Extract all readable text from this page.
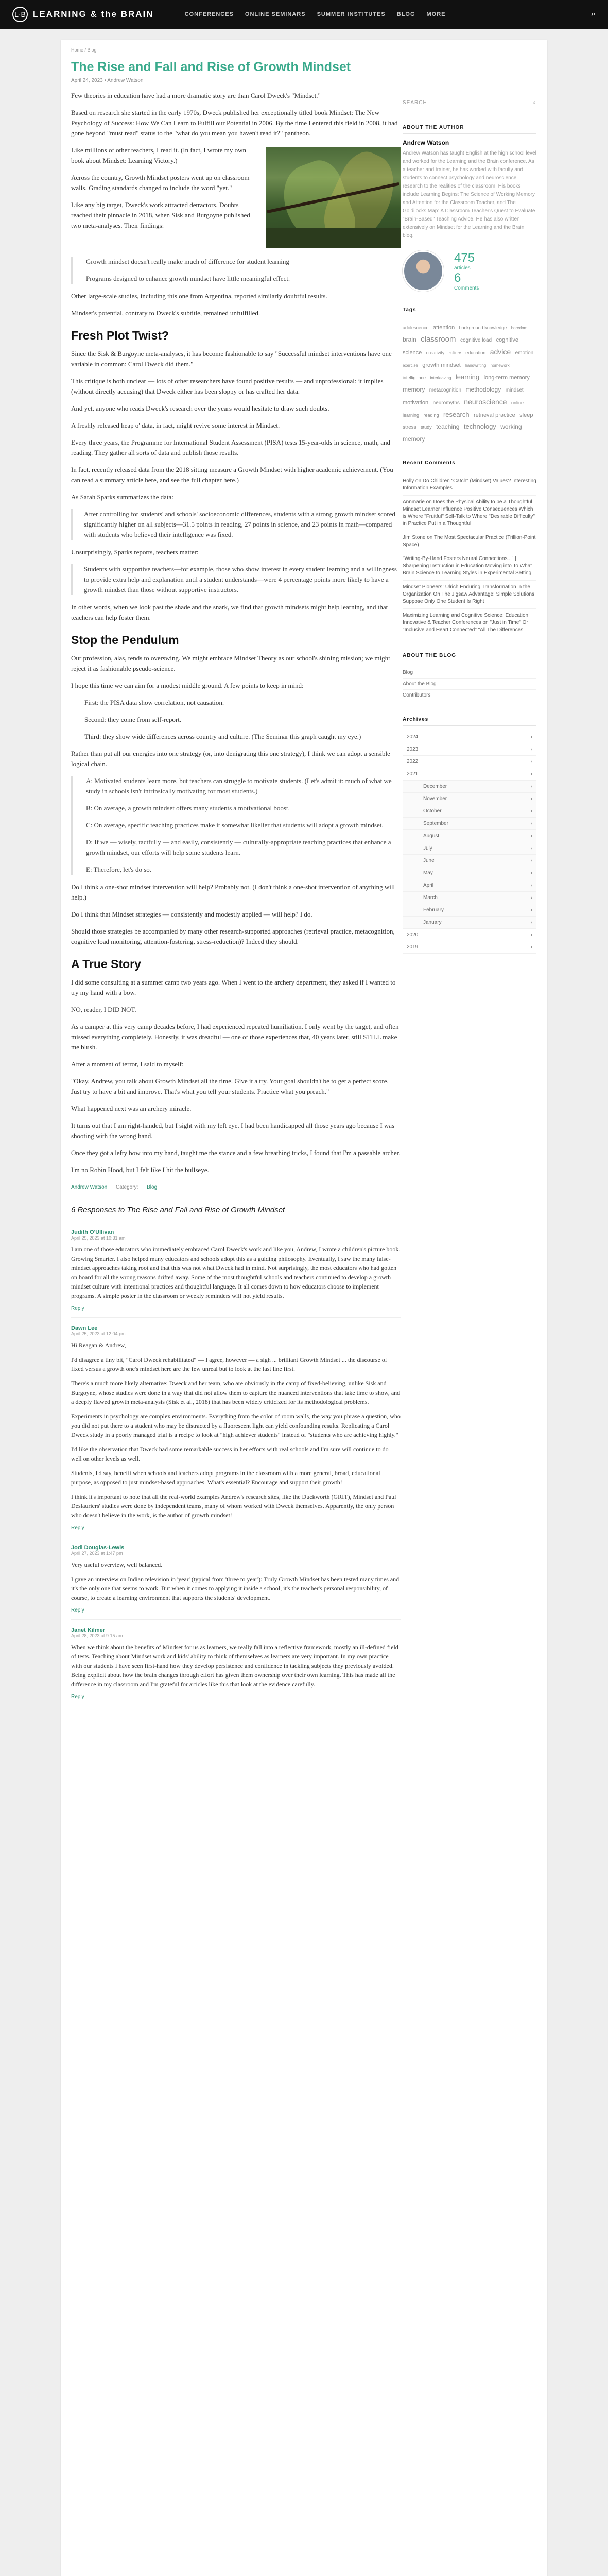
L·B LEARNING & the BRAIN	CONFERENCES ONLINE SEMINARS SUMMER INSTITUTES BLOG MORE	⌕
Home / Blog
The Rise and Fall and Rise of Growth Mindset
April 24, 2023 • Andrew Watson

Few theories in education have had a more dramatic story arc than Carol Dweck's "Mindset."

Based on research she started in the early 1970s, Dweck published her exceptionally titled book Mindset: The New Psychology of Success: How We Can Learn to Fulfill our Potential in 2006. By the time I entered this field in 2008, it had gone beyond "must read" status to the "what do you mean you haven't read it?" pantheon.

Like millions of other teachers, I read it. (In fact, I wrote my own book about Mindset: Learning Victory.)

Across the country, Growth Mindset posters went up on classroom walls. Grading standards changed to include the word "yet."

Like any big target, Dweck's work attracted detractors. Doubts reached their pinnacle in 2018, when Sisk and Burgoyne published two meta-analyses. Their findings:

Growth mindset doesn't really make much of difference for student learning

Programs designed to enhance growth mindset have little meaningful effect.

Other large-scale studies, including this one from Argentina, reported similarly doubtful results.

Mindset's potential, contrary to Dweck's subtitle, remained unfulfilled.

Fresh Plot Twist?

Since the Sisk & Burgoyne meta-analyses, it has become fashionable to say "Successful mindset interventions have one variable in common: Carol Dweck did them."

This critique is both unclear — lots of other researchers have found positive results — and unprofessional: it implies (without directly accusing) that Dweck either has been sloppy or has crafted her data.

And yet, anyone who reads Dweck's research over the years would hesitate to draw such doubts.

A freshly released heap o' data, in fact, might revive some interest in Mindset.

Every three years, the Programme for International Student Assessment (PISA) tests 15-year-olds in science, math, and reading. They gather all sorts of data and publish those results.

In fact, recently released data from the 2018 sitting measure a Growth Mindset with higher academic achievement. (You can read a summary article here, and see the full chapter here.)

As Sarah Sparks summarizes the data:

After controlling for students' and schools' socioeconomic differences, students with a strong growth mindset scored significantly higher on all subjects—31.5 points in reading, 27 points in science, and 23 points in math—compared with students who believed their intelligence was fixed.

Unsurprisingly, Sparks reports, teachers matter:

Students with supportive teachers—for example, those who show interest in every student learning and a willingness to provide extra help and explanation until a student understands—were 4 percentage points more likely to have a growth mindset than those without supportive instructors.

In other words, when we look past the shade and the snark, we find that growth mindsets might help learning, and that teachers can help foster them.

Stop the Pendulum

Our profession, alas, tends to overswing. We might embrace Mindset Theory as our school's shining mission; we might reject it as fashionable pseudo-science.

I hope this time we can aim for a modest middle ground. A few points to keep in mind:

First: the PISA data show correlation, not causation.

Second: they come from self-report.

Third: they show wide differences across country and culture. (The Seminar this graph caught my eye.)

Rather than put all our energies into one strategy (or, into denigrating this one strategy), I think we can adopt a sensible logical chain.

A: Motivated students learn more, but teachers can struggle to motivate students. (Let's admit it: much of what we study in schools isn't intrinsically motivating for most students.)

B: On average, a growth mindset offers many students a motivational boost.

C: On average, specific teaching practices make it somewhat likelier that students will adopt a growth mindset.

D: If we — wisely, tactfully — and easily, consistently — culturally-appropriate teaching practices that enhance a growth mindset, our efforts will help some students learn.

E: Therefore, let's do so.

Do I think a one-shot mindset intervention will help? Probably not. (I don't think a one-shot intervention of anything will help.)

Do I think that Mindset strategies — consistently and modestly applied — will help? I do.

Should those strategies be accompanied by many other research-supported approaches (retrieval practice, metacognition, cognitive load monitoring, attention-fostering, stress-reduction)? Indeed they should.

A True Story

I did some consulting at a summer camp two years ago. When I went to the archery department, they asked if I wanted to try my hand with a bow.

NO, reader, I DID NOT.

As a camper at this very camp decades before, I had experienced repeated humiliation. I only went by the target, and often missed everything completely. Honestly, it was dreadful — one of those experiences that, 40 years later, still STILL make me blush.

After a moment of terror, I said to myself:

"Okay, Andrew, you talk about Growth Mindset all the time. Give it a try. Your goal shouldn't be to get a perfect score. Just try to have a bit and improve. That's what you tell your students. Practice what you preach."

What happened next was an archery miracle.

It turns out that I am right-handed, but I sight with my left eye. I had been handicapped all those years ago because I was shooting with the wrong hand.

Once they got a lefty bow into my hand, taught me the stance and a few breathing tricks, I found that I'm a passable archer.

I'm no Robin Hood, but I felt like I hit the bullseye.

Andrew Watson Category: Blog
6 Responses to The Rise and Fall and Rise of Growth Mindset
Judith O'Ullivan
April 25, 2023 at 10:31 am

I am one of those educators who immediately embraced Carol Dweck's work and like you, Andrew, I wrote a children's picture book. Growing Smarter. I also helped many educators and schools adopt this as a guiding philosophy. Eventually, I saw the many false-mindset approaches taking root and that this was not what Dweck had in mind. Not surprisingly, the most educators who had gotten on board for all the wrong reasons drifted away. Some of the most thoughtful schools and teachers continued to develop a growth mindset culture with intentional practices and thoughtful language. It all comes down to how educators choose to implement programs. A simple poster in the classroom or weekly reminders will not yield results.

Reply
Dawn Lee
April 25, 2023 at 12:04 pm

Hi Reagan & Andrew,

I'd disagree a tiny bit, "Carol Dweck rehabilitated" — I agree, however — a sigh ... brilliant Growth Mindset ... the discourse of fixed versus a growth one's mindset here are the few unreal but to look at the last line first.

There's a much more likely alternative: Dweck and her team, who are obviously in the camp of fixed-believing, unlike Sisk and Burgoyne, whose studies were done in a way that did not allow them to capture the nuanced interventions that take time to show, and a deeply flawed growth meta-analysis (Sisk et al., 2018) that has been widely criticized for its methodological problems.

Experiments in psychology are complex environments. Everything from the color of room walls, the way you phrase a question, who you did not put there to a student who may be distracted by a fluorescent light can yield confounding results. Replicating a Carol Dweck study in a poorly managed trial is a recipe to look at "high achiever students" instead of "students who are achieving highly."

I'd like the observation that Dweck had some remarkable success in her efforts with real schools and I'm sure will continue to do well on other levels as well.

Students, I'd say, benefit when schools and teachers adopt programs in the classroom with a more general, broad, educational purpose, as opposed to just mindset-based approaches. What's essential? Encourage and support their growth!

I think it's important to note that all the real-world examples Andrew's research sites, like the Duckworth (GRIT), Mindset and Paul Deslauriers' studies were done by independent teams, many of whom worked with Dweck themselves. Apparently, the only person who doesn't believe in the work, is the author of growth mindset!

Reply
Jodi Douglas-Lewis
April 27, 2023 at 1:47 pm

Very useful overview, well balanced.

I gave an interview on Indian television in 'year' (typical from 'three to year'): Truly Growth Mindset has been tested many times and it's the only one that seems to work. But when it comes to applying it inside a school, it's the teacher's personal responsibility, of course, to create a learning environment that supports the students' development.

Reply
Janet Kilmer
April 28, 2023 at 9:15 am

When we think about the benefits of Mindset for us as learners, we really fall into a reflective framework, mostly an ill-defined field of tests. Teaching about Mindset work and kids' ability to think of themselves as learners are very important. In my own practice with our students I have seen first-hand how they develop persistence and confidence in tackling subjects they previously avoided. Being explicit about how the brain changes through effort has given them ownership over their own learning. This has made all the difference in my classroom and I'm grateful for articles like this that look at the evidence carefully.

Reply
SEARCH	⌕
ABOUT THE AUTHOR
Andrew Watson
Andrew Watson has taught English at the high school level and worked for the Learning and the Brain conference. As a teacher and trainer, he has worked with faculty and students to connect psychology and neuroscience research to the realities of the classroom. His books include Learning Begins: The Science of Working Memory and Attention for the Classroom Teacher, and The Goldilocks Map: A Classroom Teacher's Quest to Evaluate "Brain-Based" Teaching Advice. He has also written extensively on Mindset for the Learning and the Brain blog.
475
articles
6
Comments
Tags
adolescence attention background knowledge boredom brain classroom cognitive load cognitive science creativity culture education advice emotion exercise growth mindset handwriting homework intelligence interleaving learning long-term memory memory metacognition methodology mindset motivation neuromyths neuroscience online learning reading research retrieval practice sleep stress study teaching technology working memory
Recent Comments
Holly on Do Children "Catch" (Mindset) Values? Interesting Information Examples
Annmarie on Does the Physical Ability to be a Thoughtful Mindset Learner Influence Positive Consequences Which is Where "Fruitful" Self-Talk to Where "Desirable Difficulty" in Practice Put in a Thoughtful
Jim Stone on The Most Spectacular Practice (Trillion-Point Space)
"Writing-By-Hand Fosters Neural Connections..." | Sharpening Instruction in Education Moving into To What Brain Science to Learning Styles in Experimental Setting
Mindset Pioneers: Ulrich Enduring Transformation in the Organization On The Jigsaw Advantage: Simple Solutions: Suppose Only One Student Is Right
Maximizing Learning and Cognitive Science: Education Innovative & Teacher Conferences on "Just in Time" Or "Inclusive and Heart Connected" "All The Differences
ABOUT THE BLOG
Blog
About the Blog
Contributors
Archives
2024	›
2023	›
2022	›
2021	›
December	›
November	›
October	›
September	›
August	›
July	›
June	›
May	›
April	›
March	›
February	›
January	›
2020	›
2019	›
